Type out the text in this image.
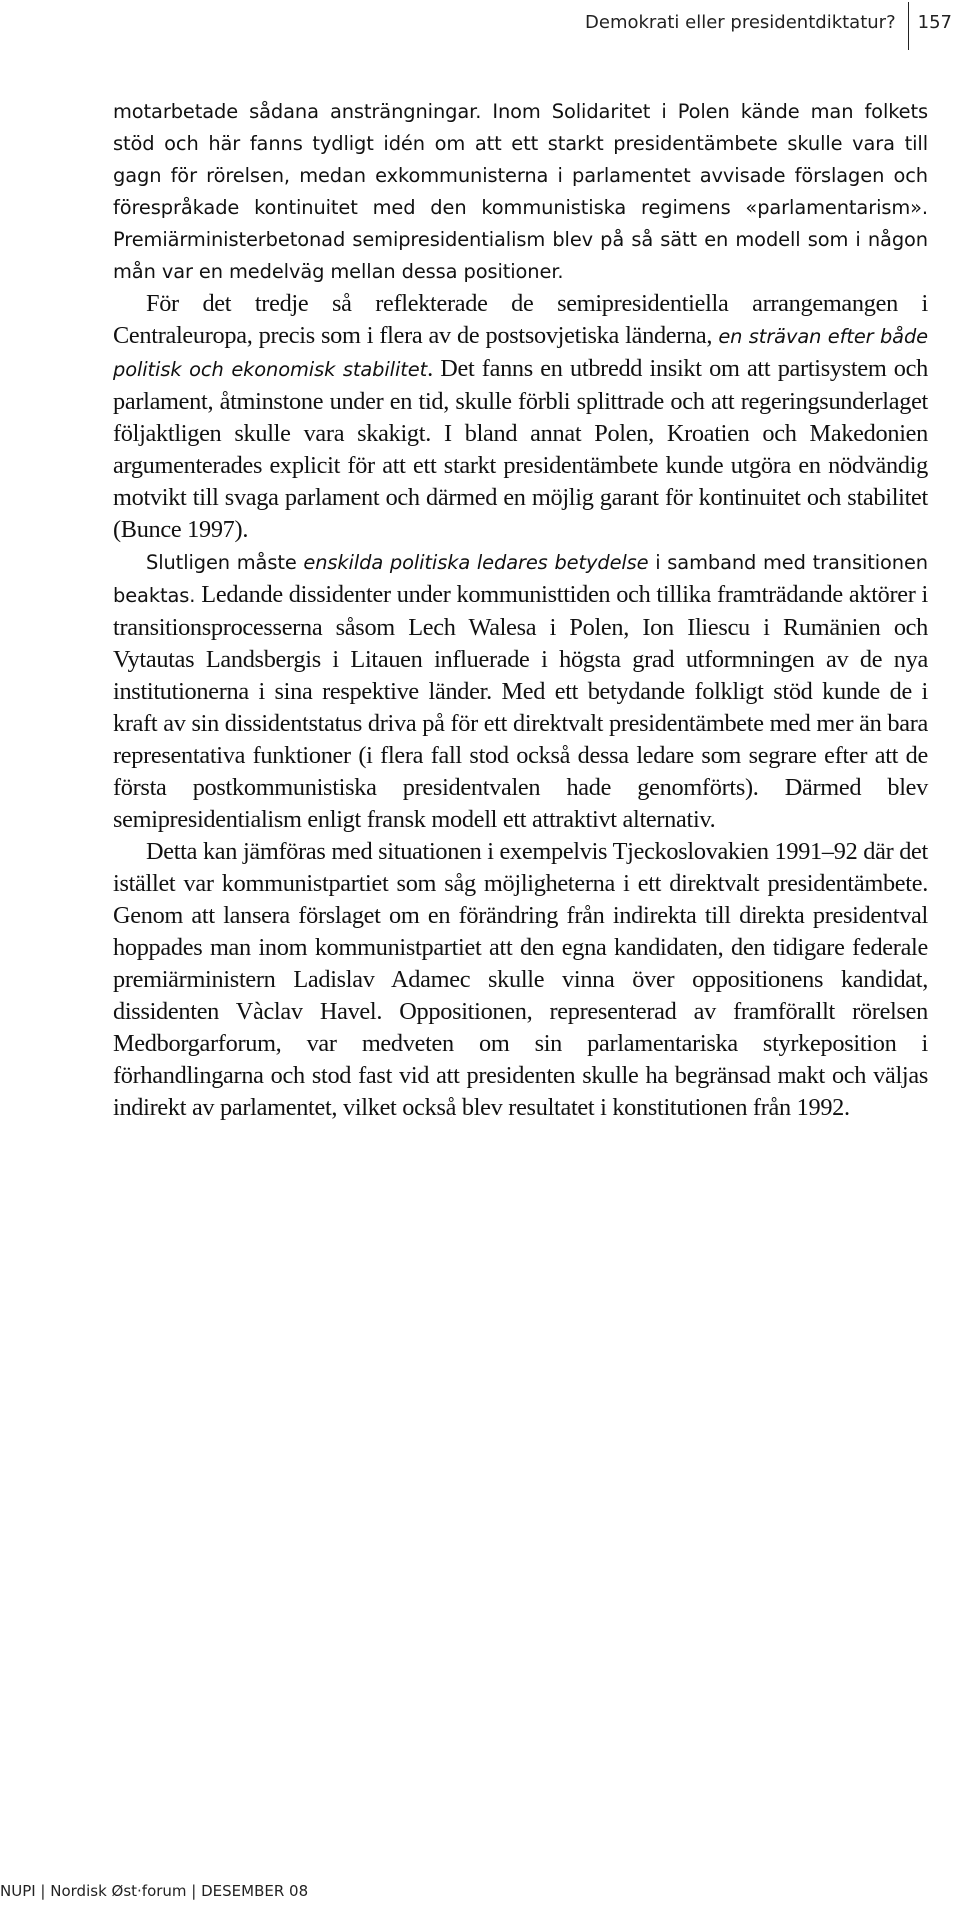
Demokrati eller presidentdiktatur?	157

motarbetade sådana ansträngningar. Inom Solidaritet i Polen kände man folkets stöd och här fanns tydligt idén om att ett starkt presidentämbete skulle vara till gagn för rörelsen, medan exkommunisterna i parlamentet avvisade förslagen och förespråkade kontinuitet med den kommunistiska regimens «parlamentarism». Premiärministerbetonad semipresidentialism blev på så sätt en modell som i någon mån var en medelväg mellan dessa positioner.

För det tredje så reflekterade de semipresidentiella arrangemangen i Centraleuropa, precis som i flera av de postsovjetiska länderna, en strävan efter både politisk och ekonomisk stabilitet. Det fanns en utbredd insikt om att partisystem och parlament, åtminstone under en tid, skulle förbli splittrade och att regeringsunderlaget följaktligen skulle vara skakigt. I bland annat Polen, Kroatien och Makedonien argumenterades explicit för att ett starkt presidentämbete kunde utgöra en nödvändig motvikt till svaga parlament och därmed en möjlig garant för kontinuitet och stabilitet (Bunce 1997).

Slutligen måste enskilda politiska ledares betydelse i samband med transitionen beaktas. Ledande dissidenter under kommunisttiden och tillika framträdande aktörer i transitionsprocesserna såsom Lech Walesa i Polen, Ion Iliescu i Rumänien och Vytautas Landsbergis i Litauen influerade i högsta grad utformningen av de nya institutionerna i sina respektive länder. Med ett betydande folkligt stöd kunde de i kraft av sin dissidentstatus driva på för ett direktvalt presidentämbete med mer än bara representativa funktioner (i flera fall stod också dessa ledare som segrare efter att de första postkommunistiska presidentvalen hade genomförts). Därmed blev semipresidentialism enligt fransk modell ett attraktivt alternativ.

Detta kan jämföras med situationen i exempelvis Tjeckoslovakien 1991–92 där det istället var kommunistpartiet som såg möjligheterna i ett direktvalt presidentämbete. Genom att lansera förslaget om en förändring från indirekta till direkta presidentval hoppades man inom kommunistpartiet att den egna kandidaten, den tidigare federale premiärministern Ladislav Adamec skulle vinna över oppositionens kandidat, dissidenten Vàclav Havel. Oppositionen, representerad av framförallt rörelsen Medborgarforum, var medveten om sin parlamentariska styrkeposition i förhandlingarna och stod fast vid att presidenten skulle ha begränsad makt och väljas indirekt av parlamentet, vilket också blev resultatet i konstitutionen från 1992.

NUPI | Nordisk Øst·forum | DESEMBER 08
